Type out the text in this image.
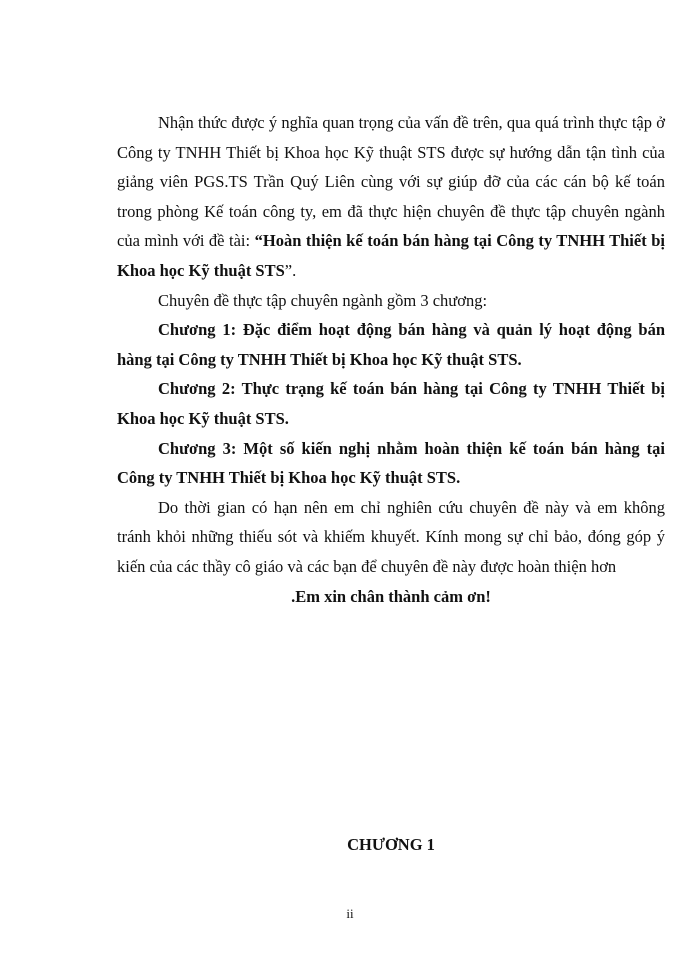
Nhận thức được ý nghĩa quan trọng của vấn đề trên, qua quá trình thực tập ở Công ty TNHH Thiết bị Khoa học Kỹ thuật STS được sự hướng dẫn tận tình của giảng viên PGS.TS Trần Quý Liên cùng với sự giúp đỡ của các cán bộ kế toán trong phòng Kế toán công ty, em đã thực hiện chuyên đề thực tập chuyên ngành của mình với đề tài: “Hoàn thiện kế toán bán hàng tại Công ty TNHH Thiết bị Khoa học Kỹ thuật STS”.

Chuyên đề thực tập chuyên ngành gồm 3 chương:

Chương 1: Đặc điểm hoạt động bán hàng và quản lý hoạt động bán hàng tại Công ty TNHH Thiết bị Khoa học Kỹ thuật STS.

Chương 2: Thực trạng kế toán bán hàng tại Công ty TNHH Thiết bị Khoa học Kỹ thuật STS.

Chương 3: Một số kiến nghị nhằm hoàn thiện kế toán bán hàng tại Công ty TNHH Thiết bị Khoa học Kỹ thuật STS.

Do thời gian có hạn nên em chỉ nghiên cứu chuyên đề này và em không tránh khỏi những thiếu sót và khiếm khuyết. Kính mong sự chỉ bảo, đóng góp ý kiến của các thầy cô giáo và các bạn để chuyên đề này được hoàn thiện hơn

.Em xin chân thành cảm ơn!

CHƯƠNG 1
ii
